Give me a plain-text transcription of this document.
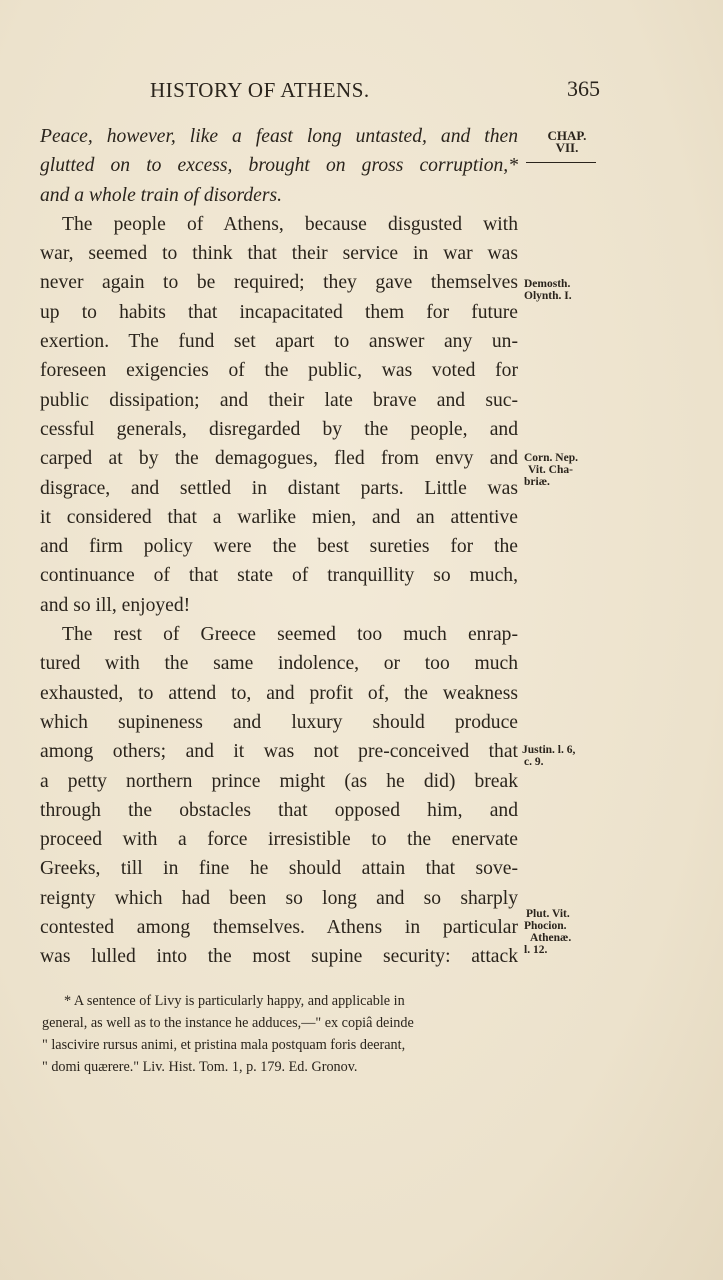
HISTORY OF ATHENS.	365
Peace, however, like a feast long untasted, and then
glutted on to excess, brought on gross corruption,*
and a whole train of disorders.
The people of Athens, because disgusted with
war, seemed to think that their service in war was
never again to be required; they gave themselves
up to habits that incapacitated them for future
exertion. The fund set apart to answer any un-
foreseen exigencies of the public, was voted for
public dissipation; and their late brave and suc-
cessful generals, disregarded by the people, and
carped at by the demagogues, fled from envy and
disgrace, and settled in distant parts. Little was
it considered that a warlike mien, and an attentive
and firm policy were the best sureties for the
continuance of that state of tranquillity so much,
and so ill, enjoyed!
The rest of Greece seemed too much enrap-
tured with the same indolence, or too much
exhausted, to attend to, and profit of, the weakness
which supineness and luxury should produce
among others; and it was not pre-conceived that
a petty northern prince might (as he did) break
through the obstacles that opposed him, and
proceed with a force irresistible to the enervate
Greeks, till in fine he should attain that sove-
reignty which had been so long and so sharply
contested among themselves. Athens in particular
was lulled into the most supine security: attack
CHAP.
VII.
Demosth.
Olynth. I.
Corn. Nep.
Vit. Cha-
briæ.
Justin. l. 6,
c. 9.
Plut. Vit.
Phocion.
Athenæ.
l. 12.
* A sentence of Livy is particularly happy, and applicable in
general, as well as to the instance he adduces,—" ex copiâ deinde
" lascivire rursus animi, et pristina mala postquam foris deerant,
" domi quærere." Liv. Hist. Tom. 1, p. 179. Ed. Gronov.
